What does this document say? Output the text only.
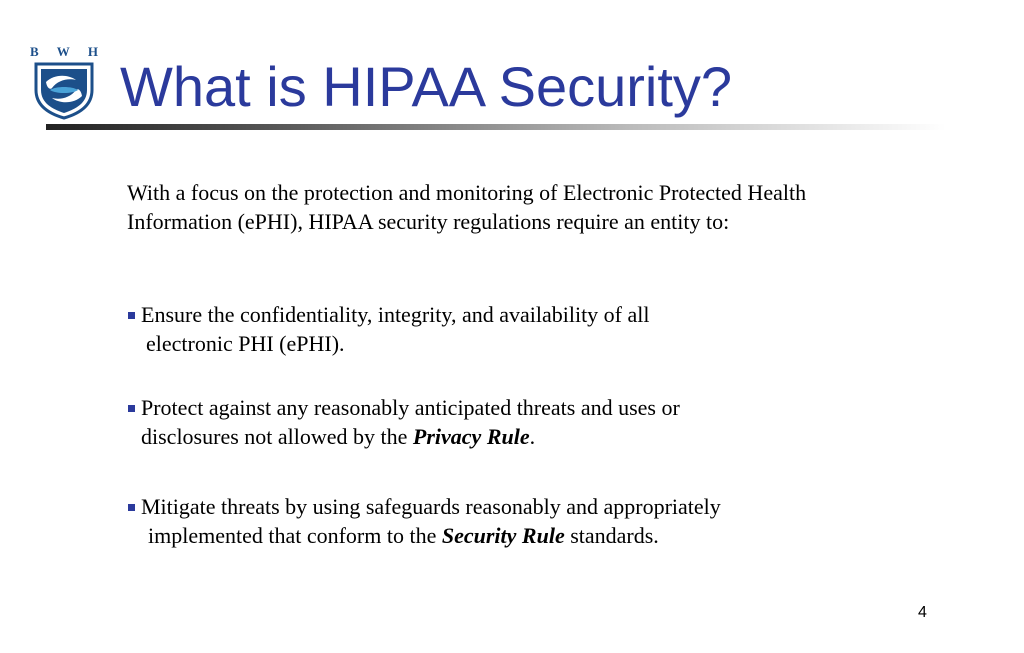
B W H
What is HIPAA Security?

With a focus on the protection and monitoring of Electronic Protected Health Information (ePHI), HIPAA security regulations require an entity to:

Ensure the confidentiality, integrity, and availability of all
electronic PHI (ePHI).

Protect against any reasonably anticipated threats and uses or
disclosures not allowed by the Privacy Rule.

Mitigate threats by using safeguards reasonably and appropriately
implemented that conform to the Security Rule standards.

4
